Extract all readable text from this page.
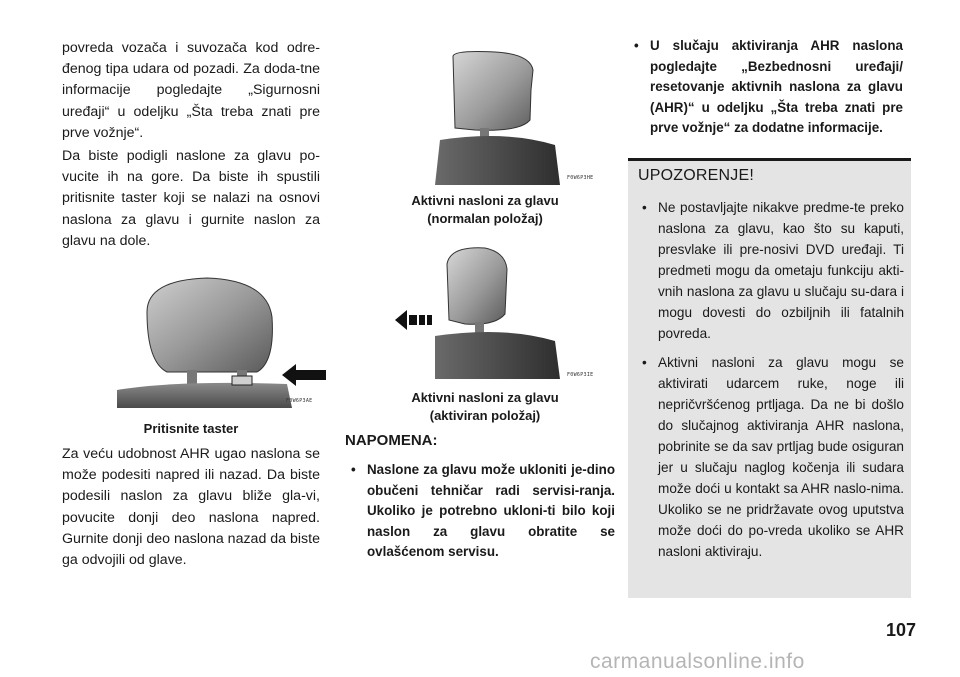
povreda vozača i suvozača kod odre-đenog tipa udara od pozadi. Za doda-tne informacije pogledajte „Sigurnosni uređaji“ u odeljku „Šta treba znati pre prve vožnje“.

Da biste podigli naslone za glavu po-vucite ih na gore. Da biste ih spustili pritisnite taster koji se nalazi na osnovi naslona za glavu i gurnite naslon za glavu na dole.

F0W6P3AE
Pritisnite taster

Za veću udobnost AHR ugao naslona se može podesiti napred ili nazad. Da biste podesili naslon za glavu bliže gla-vi, povucite donji deo naslona napred. Gurnite donji deo naslona nazad da biste ga odvojili od glave.

F0W6P3HE
Aktivni nasloni za glavu
(normalan položaj)
F0W6P3IE
Aktivni nasloni za glavu
(aktiviran položaj)
NAPOMENA:
• Naslone za glavu može ukloniti je-dino obučeni tehničar radi servisi-ranja. Ukoliko je potrebno ukloni-ti bilo koji naslon za glavu obratite se ovlašćenom servisu.
• U slučaju aktiviranja AHR naslona pogledajte „Bezbednosni uređaji/ resetovanje aktivnih naslona za glavu (AHR)“ u odeljku „Šta treba znati pre prve vožnje“ za dodatne informacije.
UPOZORENJE!
• Ne postavljajte nikakve predme-te preko naslona za glavu, kao što su kaputi, presvlake ili pre-nosivi DVD uređaji. Ti predmeti mogu da ometaju funkciju akti-vnih naslona za glavu u slučaju su-dara i mogu dovesti do ozbiljnih ili fatalnih povreda.
• Aktivni nasloni za glavu mogu se aktivirati udarcem ruke, noge ili nepričvršćenog prtljaga. Da ne bi došlo do slučajnog aktiviranja AHR naslona, pobrinite se da sav prtljag bude osiguran jer u slučaju naglog kočenja ili sudara može doći u kontakt sa AHR naslo-nima. Ukoliko se ne pridržavate ovog uputstva može doći do po-vreda ukoliko se AHR nasloni aktiviraju.
107
carmanualsonline.info
